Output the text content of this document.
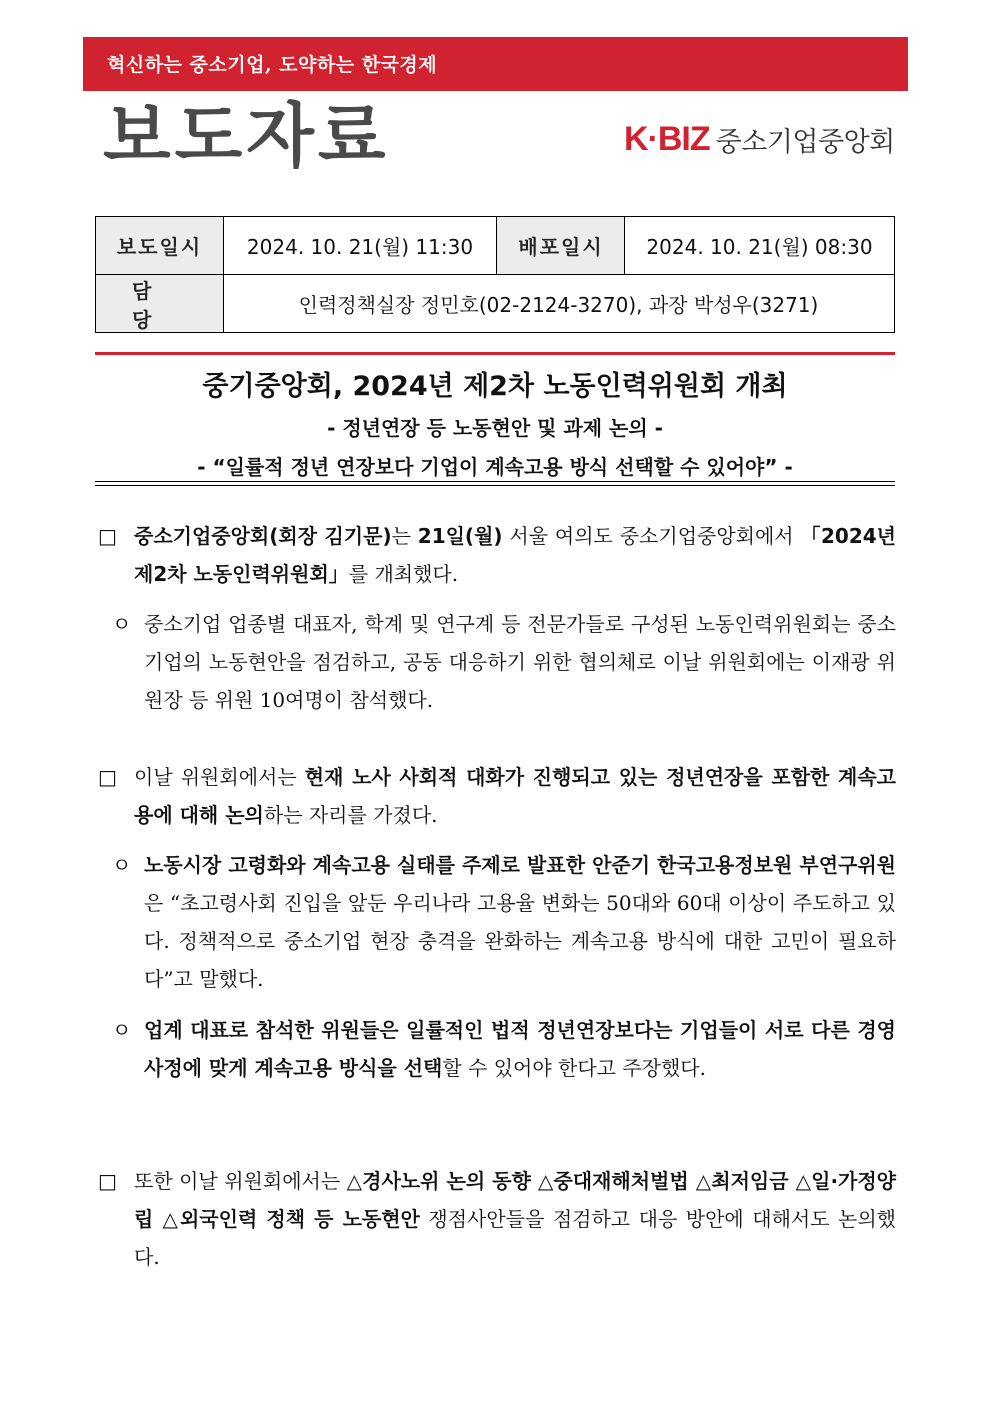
혁신하는 중소기업, 도약하는 한국경제
보도자료	K·BIZ 중소기업중앙회
보도일시	2024. 10. 21(월) 11:30	배포일시	2024. 10. 21(월) 08:30
담 당
인력정책실장 정민호(02-2124-3270), 과장 박성우(3271)
중기중앙회, 2024년 제2차 노동인력위원회 개최
- 정년연장 등 노동현안 및 과제 논의 -
- “일률적 정년 연장보다 기업이 계속고용 방식 선택할 수 있어야” -
□ 중소기업중앙회(회장 김기문)는 21일(월) 서울 여의도 중소기업중앙회에서 「2024년 제2차 노동인력위원회」를 개최했다.
ㅇ 중소기업 업종별 대표자, 학계 및 연구계 등 전문가들로 구성된 노동인력위원회는 중소기업의 노동현안을 점검하고, 공동 대응하기 위한 협의체로 이날 위원회에는 이재광 위원장 등 위원 10여명이 참석했다.
□ 이날 위원회에서는 현재 노사 사회적 대화가 진행되고 있는 정년연장을 포함한 계속고용에 대해 논의하는 자리를 가졌다.
ㅇ 노동시장 고령화와 계속고용 실태를 주제로 발표한 안준기 한국고용정보원 부연구위원은 “초고령사회 진입을 앞둔 우리나라 고용율 변화는 50대와 60대 이상이 주도하고 있다. 정책적으로 중소기업 현장 충격을 완화하는 계속고용 방식에 대한 고민이 필요하다”고 말했다.
ㅇ 업계 대표로 참석한 위원들은 일률적인 법적 정년연장보다는 기업들이 서로 다른 경영사정에 맞게 계속고용 방식을 선택할 수 있어야 한다고 주장했다.
□ 또한 이날 위원회에서는 △경사노위 논의 동향 △중대재해처벌법 △최저임금 △일·가정양립 △외국인력 정책 등 노동현안 쟁점사안들을 점검하고 대응 방안에 대해서도 논의했다.
